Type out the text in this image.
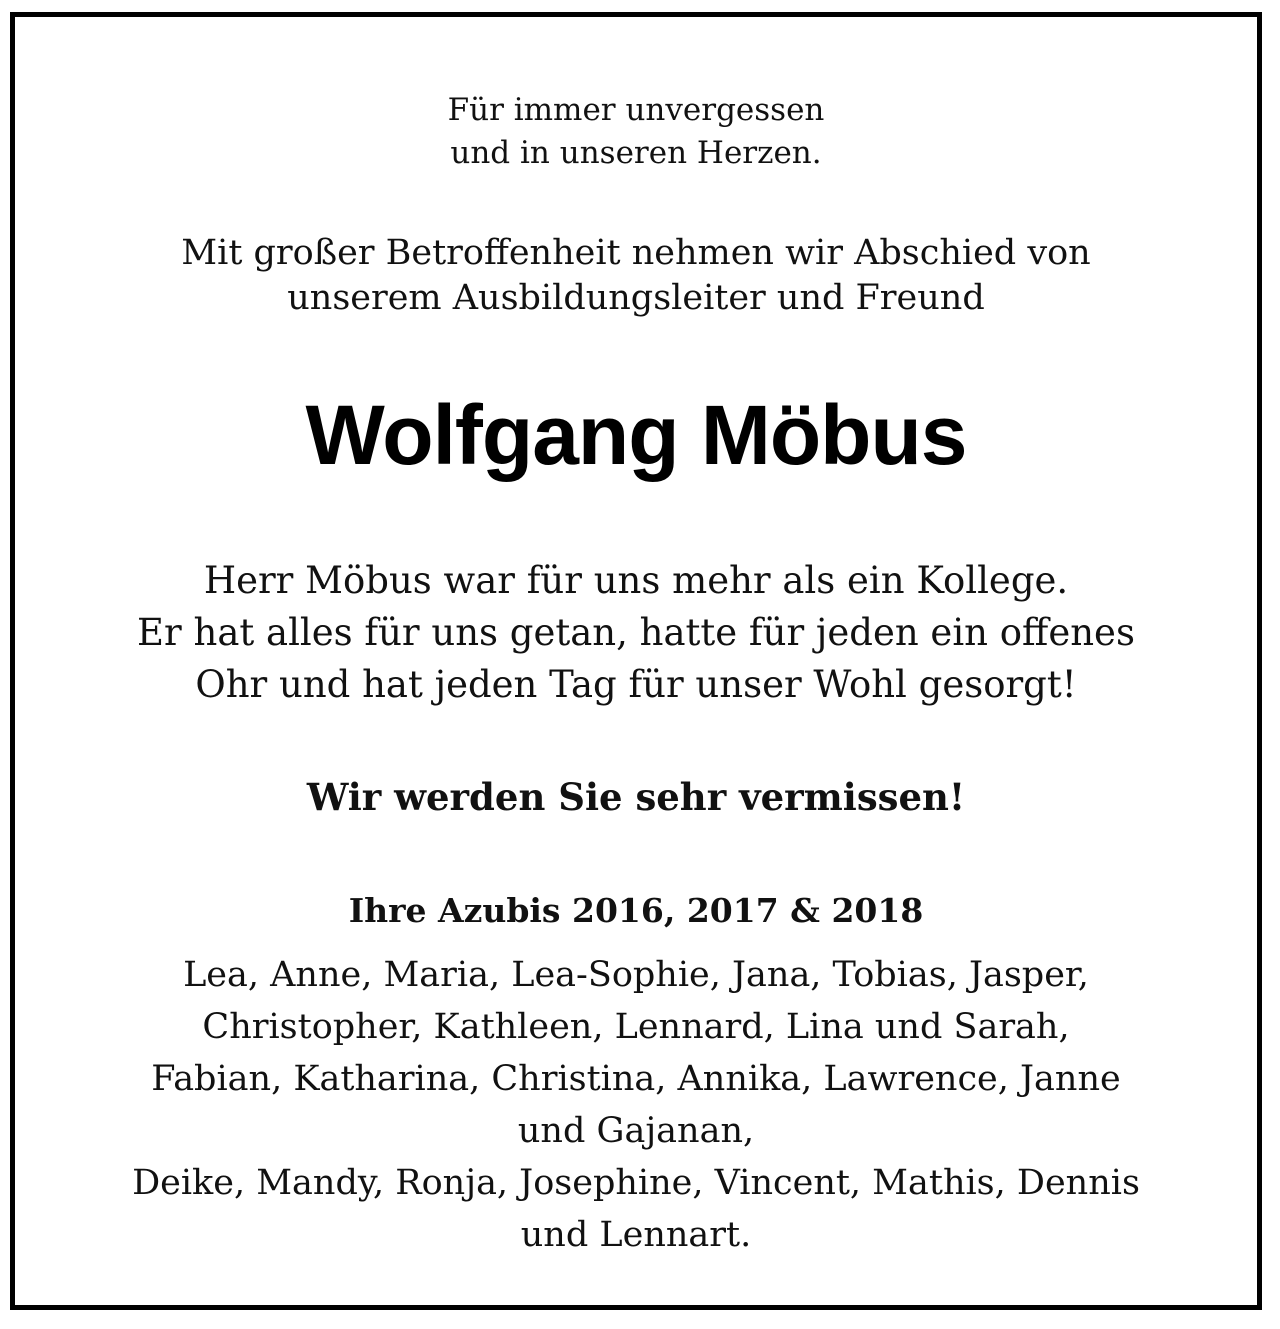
Für immer unvergessen
und in unseren Herzen.

Mit großer Betroffenheit nehmen wir Abschied von
unserem Ausbildungsleiter und Freund

Wolfgang Möbus

Herr Möbus war für uns mehr als ein Kollege.
Er hat alles für uns getan, hatte für jeden ein offenes
Ohr und hat jeden Tag für unser Wohl gesorgt!

Wir werden Sie sehr vermissen!

Ihre Azubis 2016, 2017 & 2018

Lea, Anne, Maria, Lea-Sophie, Jana, Tobias, Jasper,
Christopher, Kathleen, Lennard, Lina und Sarah,
Fabian, Katharina, Christina, Annika, Lawrence, Janne
und Gajanan,
Deike, Mandy, Ronja, Josephine, Vincent, Mathis, Dennis
und Lennart.
